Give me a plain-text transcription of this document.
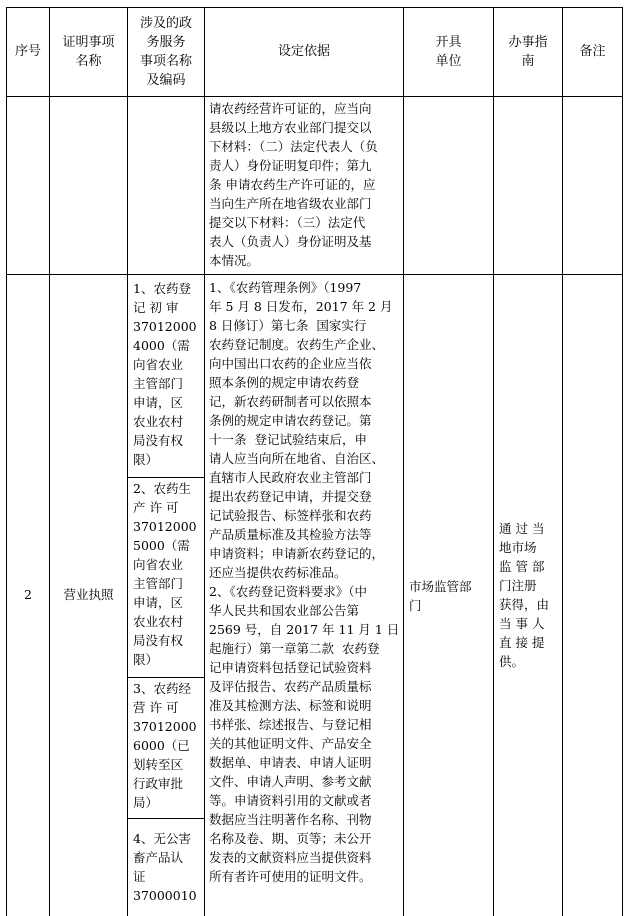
序号

证明事项
名称

涉及的政
务服务
事项名称
及编码

设定依据

开具
单位

办事指
南

备注

请农药经营许可证的，应当向
县级以上地方农业部门提交以
下材料：（二）法定代表人（负
责人）身份证明复印件；第九
条 申请农药生产许可证的，应
当向生产所在地省级农业部门
提交以下材料：（三）法定代
表人（负责人）身份证明及基
本情况。

2	营业执照

1、农药登
记 初 审
37012000
4000（需
向省农业
主管部门
申请，区
农业农村
局没有权
限）

2、农药生
产 许 可
37012000
5000（需
向省农业
主管部门
申请，区
农业农村
局没有权
限）

3、农药经
营 许 可
37012000
6000（已
划转至区
行政审批
局）

4、无公害
畜产品认
证
37000010

1、《农药管理条例》（1997
年 5 月 8 日发布，2017 年 2 月
8 日修订）第七条  国家实行
农药登记制度。农药生产企业、
向中国出口农药的企业应当依
照本条例的规定申请农药登
记，新农药研制者可以依照本
条例的规定申请农药登记。第
十一条  登记试验结束后，申
请人应当向所在地省、自治区、
直辖市人民政府农业主管部门
提出农药登记申请，并提交登
记试验报告、标签样张和农药
产品质量标准及其检验方法等
申请资料；申请新农药登记的，
还应当提供农药标准品。
2、《农药登记资料要求》（中
华人民共和国农业部公告第
2569 号，自 2017 年 11 月 1 日
起施行）第一章第二款  农药登
记申请资料包括登记试验资料
及评估报告、农药产品质量标
准及其检测方法、标签和说明
书样张、综述报告、与登记相
关的其他证明文件、产品安全
数据单、申请表、申请人证明
文件、申请人声明、参考文献
等。申请资料引用的文献或者
数据应当注明著作名称、刊物
名称及卷、期、页等；未公开
发表的文献资料应当提供资料
所有者许可使用的证明文件。

市场监管部
门

通 过 当
地市场
监 管 部
门注册
获得，由
当 事 人
直 接 提
供。
